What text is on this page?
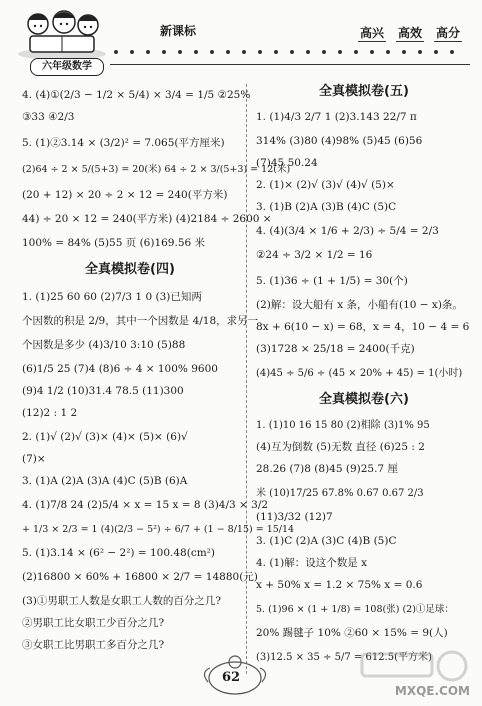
六年级数学
新课标	高兴 高效 高分
4. (4)①(2/3 − 1/2 × 5/4) × 3/4 = 1/5 ②25%
③33 ④2/3
5. (1)②3.14 × (3/2)² = 7.065(平方厘米)
(2)64 ÷ 2 × 5/(5+3) = 20(米) 64 ÷ 2 × 3/(5+3) = 12(米)
(20 + 12) × 20 ÷ 2 × 12 = 240(平方米)
44) ÷ 20 × 12 = 240(平方米) (4)2184 ÷ 2600 ×
100% = 84% (5)55 页 (6)169.56 米
全真模拟卷(四)
1. (1)25 60 60 (2)7/3 1 0 (3)已知两
个因数的积是 2/9，其中一个因数是 4/18，求另一
个因数是多少 (4)3/10 3:10 (5)88
(6)1/5 25 (7)4 (8)6 ÷ 4 × 100% 9600
(9)4 1/2 (10)31.4 78.5 (11)300
(12)2 : 1 2
2. (1)√ (2)√ (3)× (4)× (5)× (6)√
(7)×
3. (1)A (2)A (3)A (4)C (5)B (6)A
4. (1)7/8 24 (2)5/4 × x = 15 x = 8 (3)4/3 × 3/2
+ 1/3 × 2/3 = 1 (4)(2/3 − 5²) ÷ 6/7 + (1 − 8/15) = 15/14
5. (1)3.14 × (6² − 2²) = 100.48(cm²)
(2)16800 × 60% + 16800 × 2/7 = 14880(元)
(3)①男职工人数是女职工人数的百分之几?
②男职工比女职工少百分之几?
③女职工比男职工多百分之几?
全真模拟卷(五)
1. (1)4/3 2/7 1 (2)3.143 22/7 π
314% (3)80 (4)98% (5)45 (6)56
(7)45 50.24
2. (1)× (2)√ (3)√ (4)√ (5)×
3. (1)B (2)A (3)B (4)C (5)C
4. (4)(3/4 × 1/6 + 2/3) ÷ 5/4 = 2/3
②24 ÷ 3/2 × 1/2 = 16
5. (1)36 ÷ (1 + 1/5) = 30(个)
(2)解：设大船有 x 条，小船有(10 − x)条。
8x + 6(10 − x) = 68，x = 4，10 − 4 = 6
(3)1728 × 25/18 = 2400(千克)
(4)45 ÷ 5/6 ÷ (45 × 20% + 45) = 1(小时)
全真模拟卷(六)
1. (1)10 16 15 80 (2)相除 (3)1% 95
(4)互为倒数 (5)无数 直径 (6)25 : 2
28.26 (7)8 (8)45 (9)25.7 厘
米 (10)17/25 67.8% 0.67 0.67 2/3
(11)3/32 (12)7
3. (1)C (2)A (3)C (4)B (5)C
4. (1)解：设这个数是 x
x + 50% x = 1.2 × 75% x = 0.6
5. (1)96 × (1 + 1/8) = 108(张) (2)①足球：
20% 踢毽子 10% ②60 × 15% = 9(人)
(3)12.5 × 35 ÷ 5/7 = 612.5(平方米)
62
MXQE.COM
